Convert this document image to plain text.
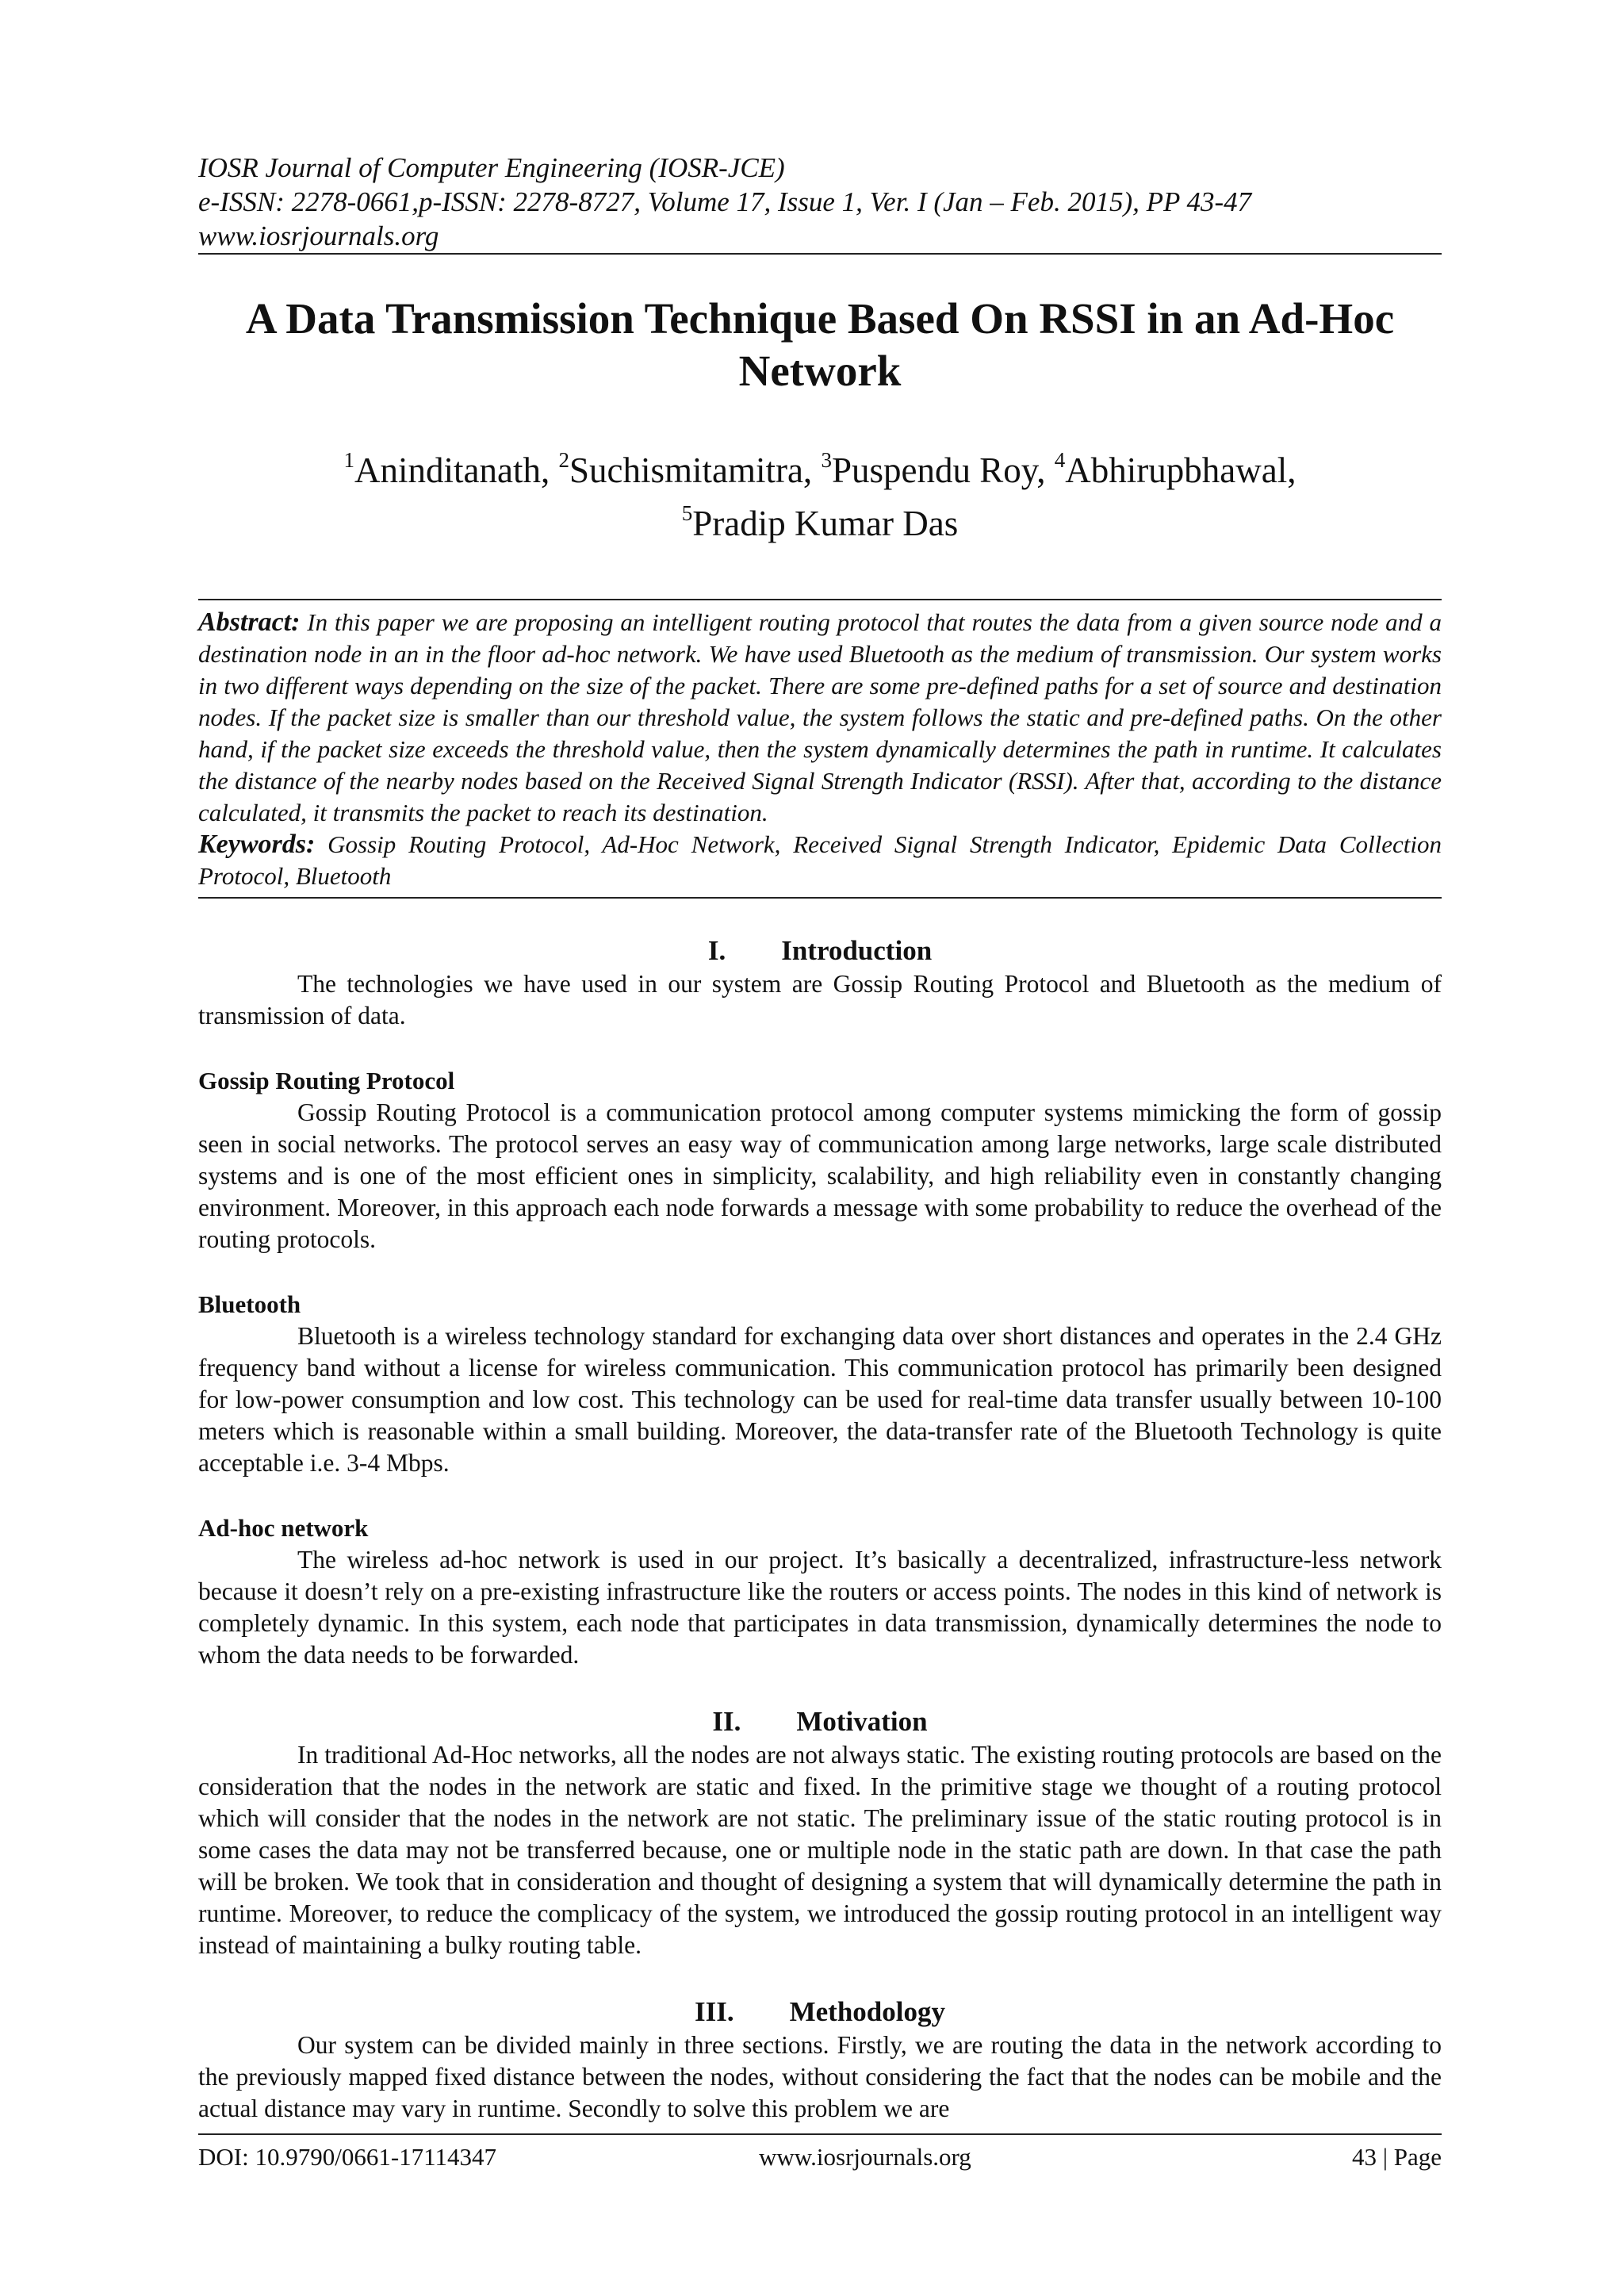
IOSR Journal of Computer Engineering (IOSR-JCE)
e-ISSN: 2278-0661,p-ISSN: 2278-8727, Volume 17, Issue 1, Ver. I (Jan – Feb. 2015), PP 43-47
www.iosrjournals.org
A Data Transmission Technique Based On RSSI in an Ad-Hoc
Network
$^1$Aninditanath, $^2$Suchismitamitra, $^3$Puspendu Roy, $^4$Abhirupbhawal,
$^5$Pradip Kumar Das
Abstract: In this paper we are proposing an intelligent routing protocol that routes the data from a given source node and a destination node in an in the floor ad-hoc network. We have used Bluetooth as the medium of transmission. Our system works in two different ways depending on the size of the packet. There are some pre-defined paths for a set of source and destination nodes. If the packet size is smaller than our threshold value, the system follows the static and pre-defined paths. On the other hand, if the packet size exceeds the threshold value, then the system dynamically determines the path in runtime. It calculates the distance of the nearby nodes based on the Received Signal Strength Indicator (RSSI). After that, according to the distance calculated, it transmits the packet to reach its destination.
Keywords: Gossip Routing Protocol, Ad-Hoc Network, Received Signal Strength Indicator, Epidemic Data Collection Protocol, Bluetooth
I. Introduction
The technologies we have used in our system are Gossip Routing Protocol and Bluetooth as the medium of transmission of data.
Gossip Routing Protocol
Gossip Routing Protocol is a communication protocol among computer systems mimicking the form of gossip seen in social networks. The protocol serves an easy way of communication among large networks, large scale distributed systems and is one of the most efficient ones in simplicity, scalability, and high reliability even in constantly changing environment. Moreover, in this approach each node forwards a message with some probability to reduce the overhead of the routing protocols.
Bluetooth
Bluetooth is a wireless technology standard for exchanging data over short distances and operates in the 2.4 GHz frequency band without a license for wireless communication. This communication protocol has primarily been designed for low-power consumption and low cost. This technology can be used for real-time data transfer usually between 10-100 meters which is reasonable within a small building. Moreover, the data-transfer rate of the Bluetooth Technology is quite acceptable i.e. 3-4 Mbps.
Ad-hoc network
The wireless ad-hoc network is used in our project. It’s basically a decentralized, infrastructure-less network because it doesn’t rely on a pre-existing infrastructure like the routers or access points. The nodes in this kind of network is completely dynamic. In this system, each node that participates in data transmission, dynamically determines the node to whom the data needs to be forwarded.
II. Motivation
In traditional Ad-Hoc networks, all the nodes are not always static. The existing routing protocols are based on the consideration that the nodes in the network are static and fixed. In the primitive stage we thought of a routing protocol which will consider that the nodes in the network are not static. The preliminary issue of the static routing protocol is in some cases the data may not be transferred because, one or multiple node in the static path are down. In that case the path will be broken. We took that in consideration and thought of designing a system that will dynamically determine the path in runtime. Moreover, to reduce the complicacy of the system, we introduced the gossip routing protocol in an intelligent way instead of maintaining a bulky routing table.
III. Methodology
Our system can be divided mainly in three sections. Firstly, we are routing the data in the network according to the previously mapped fixed distance between the nodes, without considering the fact that the nodes can be mobile and the actual distance may vary in runtime. Secondly to solve this problem we are
DOI: 10.9790/0661-17114347	www.iosrjournals.org	43 | Page
